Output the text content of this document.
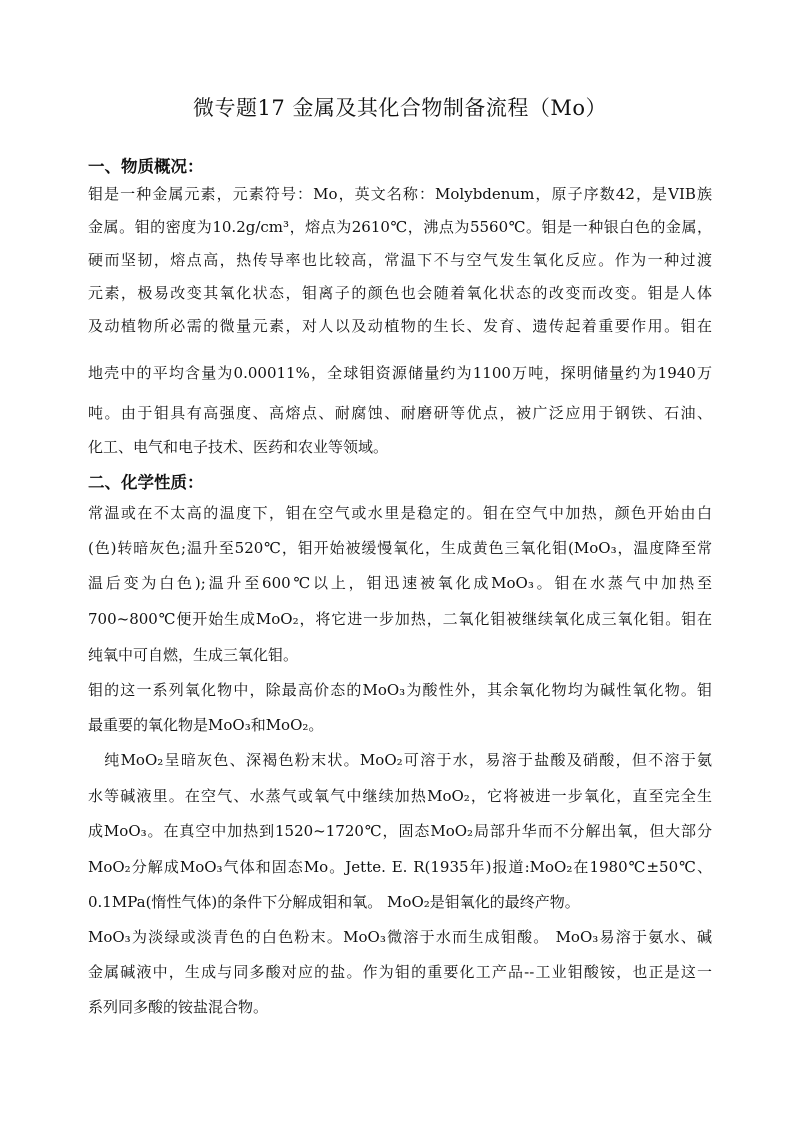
微专题17 金属及其化合物制备流程（Mo）
一、物质概况：
钼是一种金属元素，元素符号：Mo，英文名称：Molybdenum，原子序数42，是VIB族
金属。钼的密度为10.2g/cm³，熔点为2610℃，沸点为5560℃。钼是一种银白色的金属，
硬而坚韧，熔点高，热传导率也比较高，常温下不与空气发生氧化反应。作为一种过渡
元素，极易改变其氧化状态，钼离子的颜色也会随着氧化状态的改变而改变。钼是人体
及动植物所必需的微量元素，对人以及动植物的生长、发育、遗传起着重要作用。钼在
地壳中的平均含量为0.00011%，全球钼资源储量约为1100万吨，探明储量约为1940万
吨。由于钼具有高强度、高熔点、耐腐蚀、耐磨研等优点，被广泛应用于钢铁、石油、
化工、电气和电子技术、医药和农业等领域。
二、化学性质：
常温或在不太高的温度下，钼在空气或水里是稳定的。钼在空气中加热，颜色开始由白
(色)转暗灰色;温升至520℃，钼开始被缓慢氧化，生成黄色三氧化钼(MoO₃，温度降至常
温后变为白色);温升至600℃以上，钼迅速被氧化成MoO₃。钼在水蒸气中加热至
700~800℃便开始生成MoO₂，将它进一步加热，二氧化钼被继续氧化成三氧化钼。钼在
纯氧中可自燃，生成三氧化钼。
钼的这一系列氧化物中，除最高价态的MoO₃为酸性外，其余氧化物均为碱性氧化物。钼
最重要的氧化物是MoO₃和MoO₂。
　纯MoO₂呈暗灰色、深褐色粉末状。MoO₂可溶于水，易溶于盐酸及硝酸，但不溶于氨
水等碱液里。在空气、水蒸气或氧气中继续加热MoO₂，它将被进一步氧化，直至完全生
成MoO₃。在真空中加热到1520~1720℃，固态MoO₂局部升华而不分解出氧，但大部分
MoO₂分解成MoO₃气体和固态Mo。Jette. E. R(1935年)报道:MoO₂在1980℃±50℃、
0.1MPa(惰性气体)的条件下分解成钼和氧。 MoO₂是钼氧化的最终产物。
MoO₃为淡绿或淡青色的白色粉末。MoO₃微溶于水而生成钼酸。 MoO₃易溶于氨水、碱
金属碱液中，生成与同多酸对应的盐。作为钼的重要化工产品--工业钼酸铵，也正是这一
系列同多酸的铵盐混合物。
